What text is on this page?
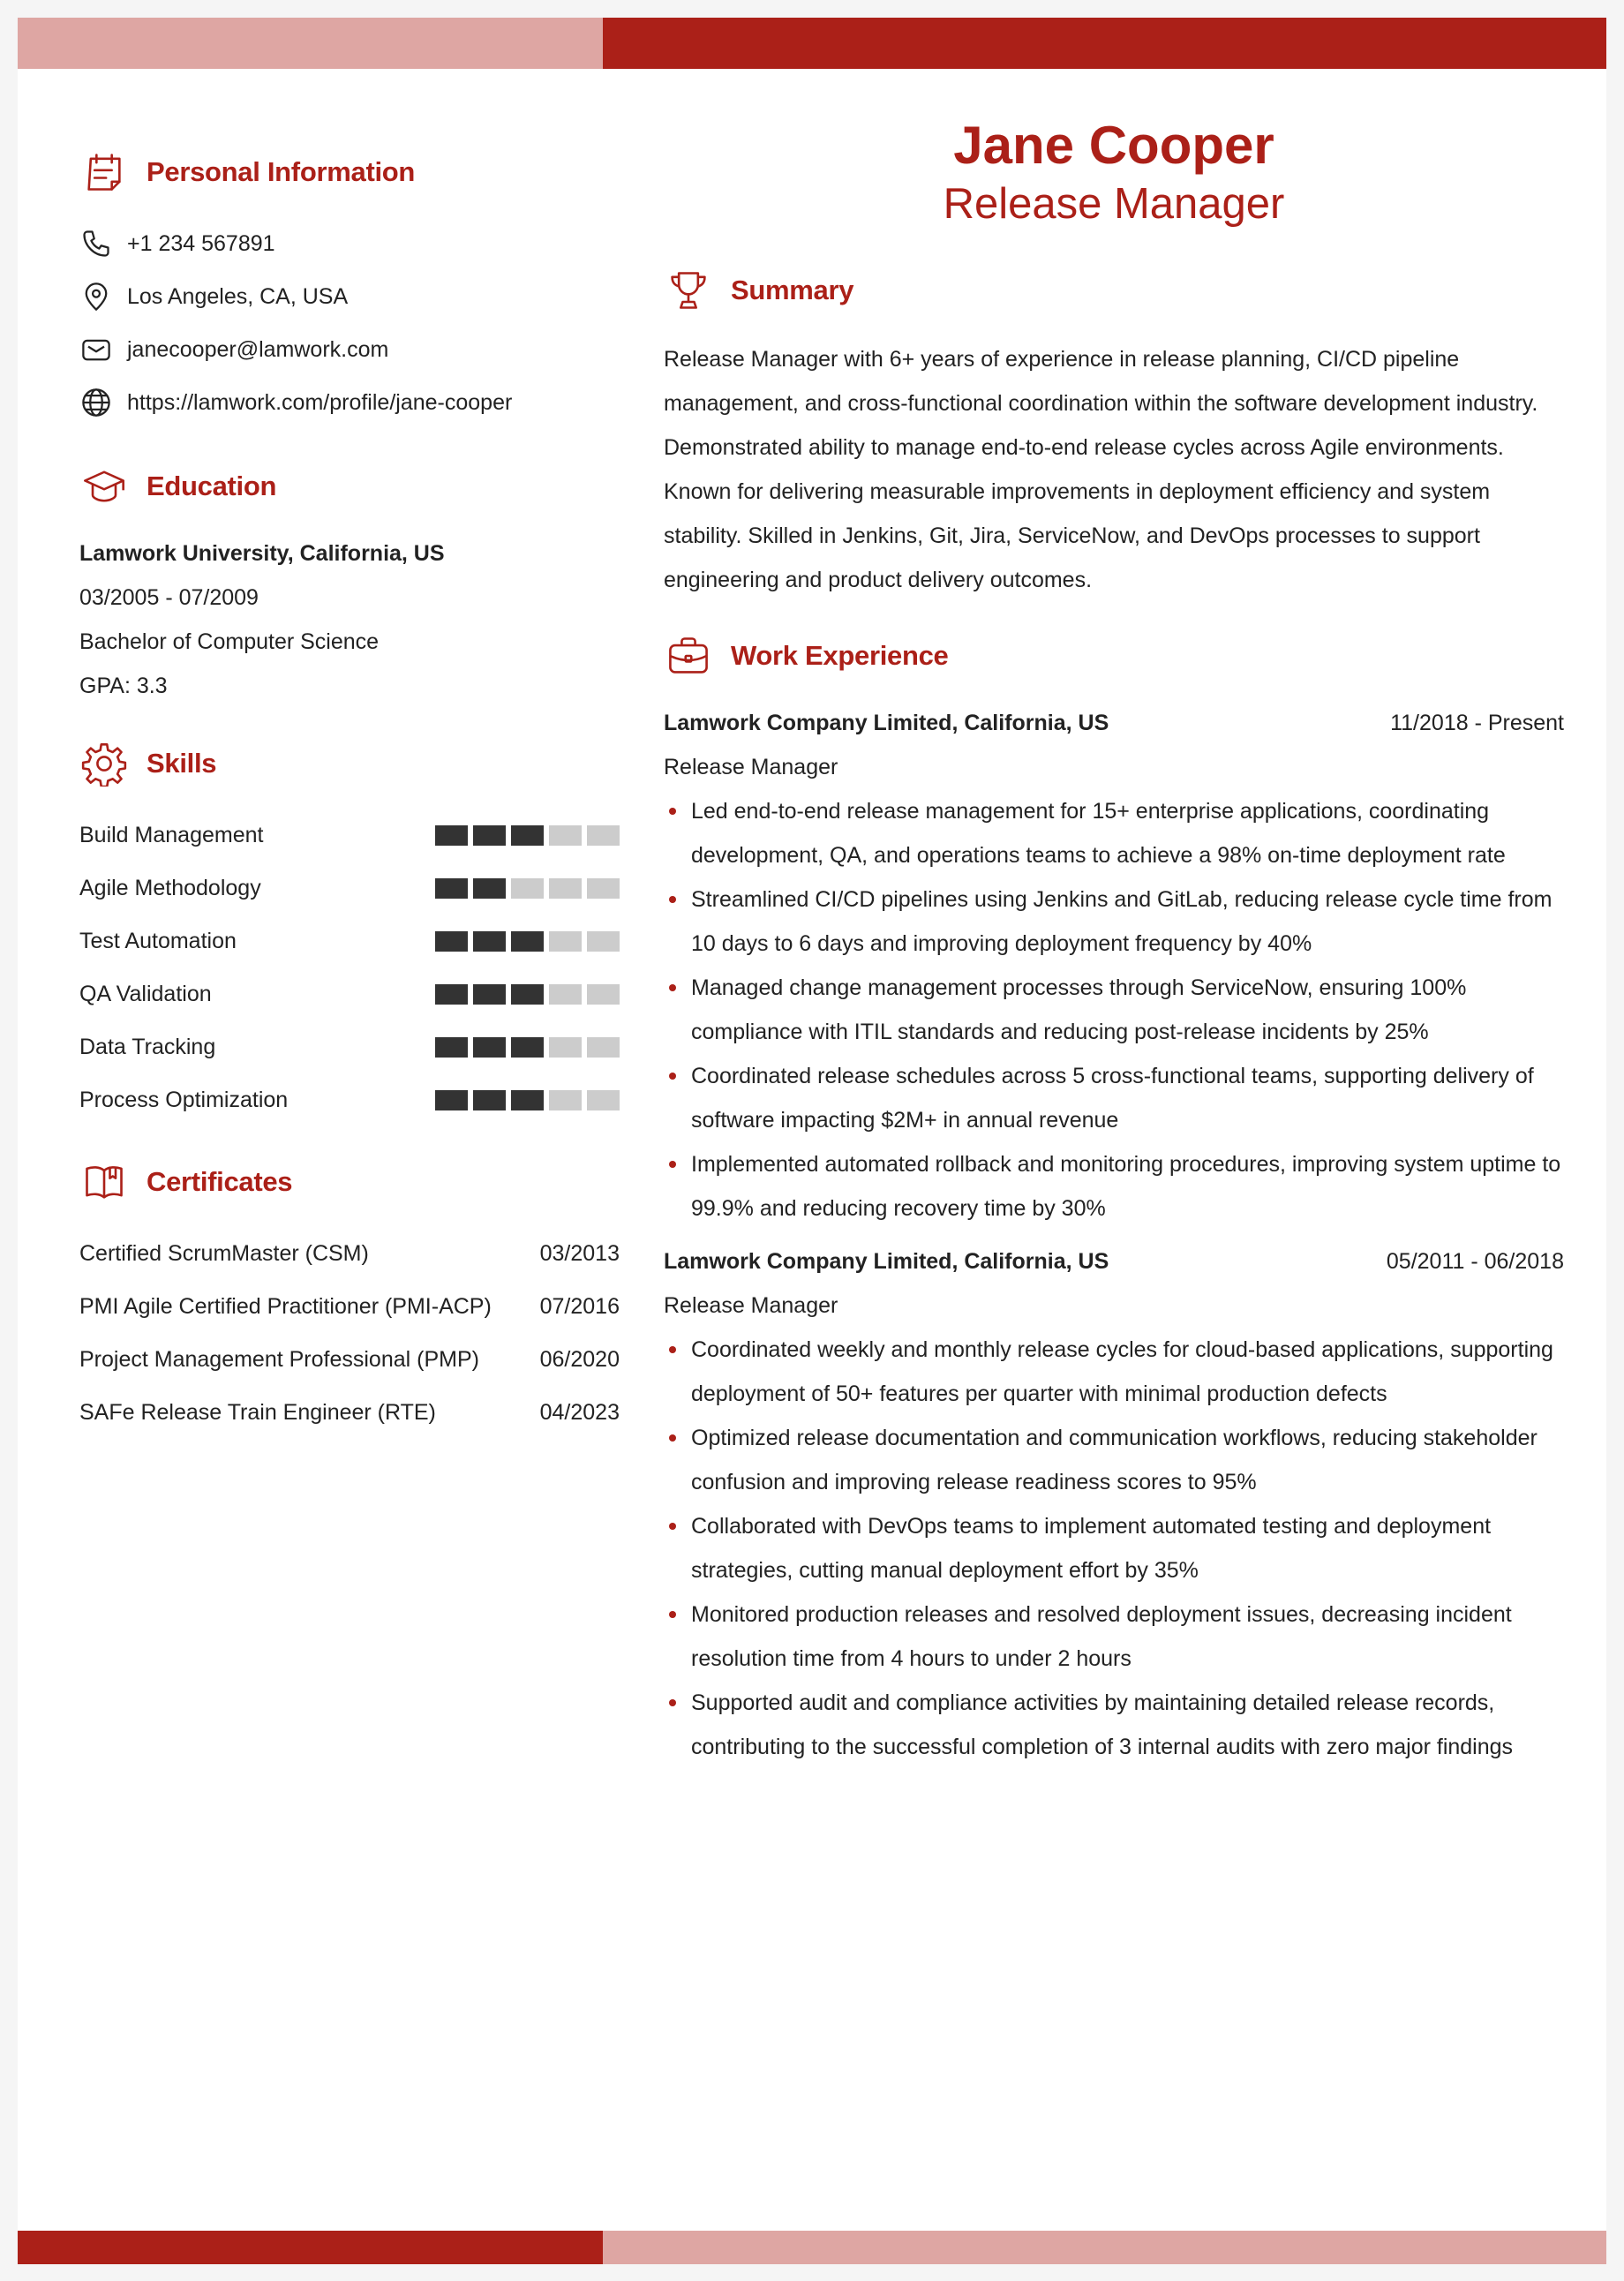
Personal Information
+1 234 567891
Los Angeles, CA, USA
janecooper@lamwork.com
https://lamwork.com/profile/jane-cooper
Education
Lamwork University, California, US
03/2005 - 07/2009
Bachelor of Computer Science
GPA: 3.3
Skills
Build Management
Agile Methodology
Test Automation
QA Validation
Data Tracking
Process Optimization
Certificates
Certified ScrumMaster (CSM)	03/2013
PMI Agile Certified Practitioner (PMI-ACP) 07/2016
Project Management Professional (PMP)	06/2020
SAFe Release Train Engineer (RTE)	04/2023
Jane Cooper
Release Manager
Summary

Release Manager with 6+ years of experience in release planning, CI/CD pipeline management, and cross-functional coordination within the software development industry. Demonstrated ability to manage end-to-end release cycles across Agile environments. Known for delivering measurable improvements in deployment efficiency and system stability. Skilled in Jenkins, Git, Jira, ServiceNow, and DevOps processes to support engineering and product delivery outcomes.

Work Experience
Lamwork Company Limited, California, US	11/2018 - Present
Release Manager
Led end-to-end release management for 15+ enterprise applications, coordinating development, QA, and operations teams to achieve a 98% on-time deployment rate
Streamlined CI/CD pipelines using Jenkins and GitLab, reducing release cycle time from 10 days to 6 days and improving deployment frequency by 40%
Managed change management processes through ServiceNow, ensuring 100% compliance with ITIL standards and reducing post-release incidents by 25%
Coordinated release schedules across 5 cross-functional teams, supporting delivery of software impacting $2M+ in annual revenue
Implemented automated rollback and monitoring procedures, improving system uptime to 99.9% and reducing recovery time by 30%
Lamwork Company Limited, California, US	05/2011 - 06/2018
Release Manager
Coordinated weekly and monthly release cycles for cloud-based applications, supporting deployment of 50+ features per quarter with minimal production defects
Optimized release documentation and communication workflows, reducing stakeholder confusion and improving release readiness scores to 95%
Collaborated with DevOps teams to implement automated testing and deployment strategies, cutting manual deployment effort by 35%
Monitored production releases and resolved deployment issues, decreasing incident resolution time from 4 hours to under 2 hours
Supported audit and compliance activities by maintaining detailed release records, contributing to the successful completion of 3 internal audits with zero major findings
